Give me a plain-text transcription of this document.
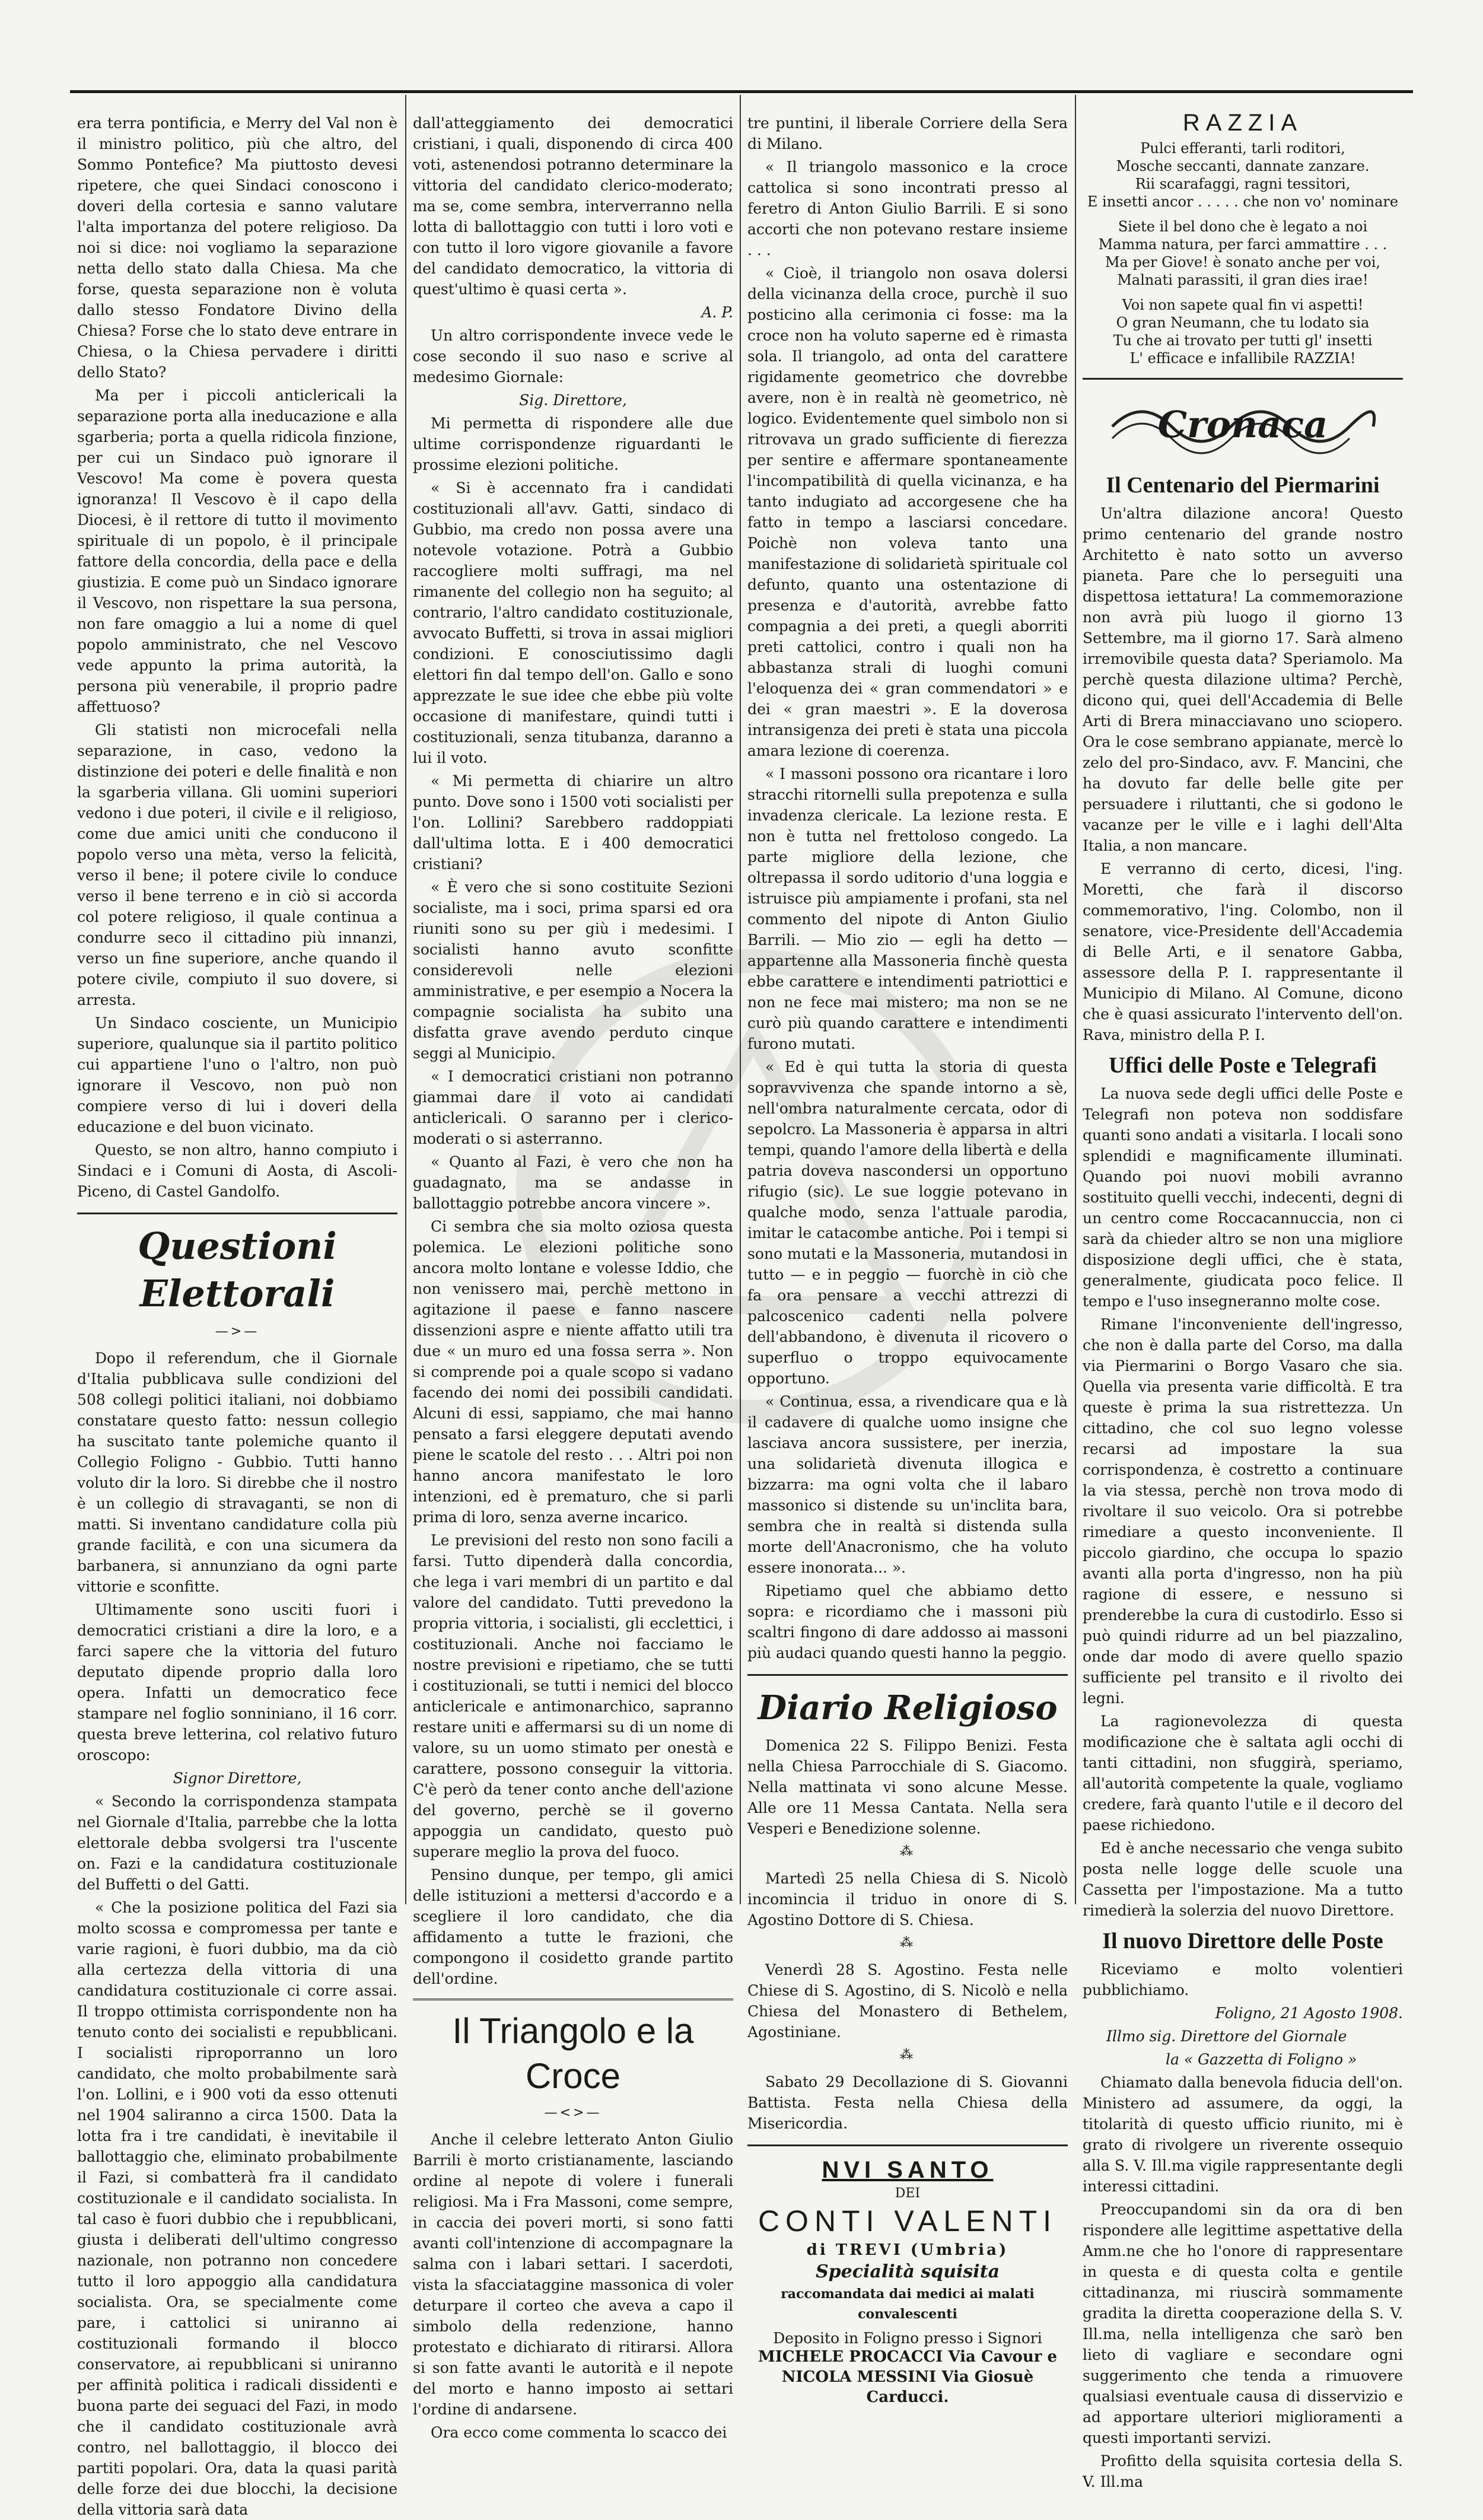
era terra pontificia, e Merry del Val non è il ministro politico, più che altro, del Sommo Pontefice? Ma piuttosto devesi ripetere, che quei Sindaci conoscono i doveri della cortesia e sanno valutare l'alta importanza del potere religioso. Da noi si dice: noi vogliamo la separazione netta dello stato dalla Chiesa. Ma che forse, questa separazione non è voluta dallo stesso Fondatore Divino della Chiesa? Forse che lo stato deve entrare in Chiesa, o la Chiesa pervadere i diritti dello Stato?

Ma per i piccoli anticlericali la separazione porta alla ineducazione e alla sgarberia; porta a quella ridicola finzione, per cui un Sindaco può ignorare il Vescovo! Ma come è povera questa ignoranza! Il Vescovo è il capo della Diocesi, è il rettore di tutto il movimento spirituale di un popolo, è il principale fattore della concordia, della pace e della giustizia. E come può un Sindaco ignorare il Vescovo, non rispettare la sua persona, non fare omaggio a lui a nome di quel popolo amministrato, che nel Vescovo vede appunto la prima autorità, la persona più venerabile, il proprio padre affettuoso?

Gli statisti non microcefali nella separazione, in caso, vedono la distinzione dei poteri e delle finalità e non la sgarberia villana. Gli uomini superiori vedono i due poteri, il civile e il religioso, come due amici uniti che conducono il popolo verso una mèta, verso la felicità, verso il bene; il potere civile lo conduce verso il bene terreno e in ciò si accorda col potere religioso, il quale continua a condurre seco il cittadino più innanzi, verso un fine superiore, anche quando il potere civile, compiuto il suo dovere, si arresta.

Un Sindaco cosciente, un Municipio superiore, qualunque sia il partito politico cui appartiene l'uno o l'altro, non può ignorare il Vescovo, non può non compiere verso di lui i doveri della educazione e del buon vicinato.

Questo, se non altro, hanno compiuto i Sindaci e i Comuni di Aosta, di Ascoli-Piceno, di Castel Gandolfo.

Questioni Elettorali
—>—

Dopo il referendum, che il Giornale d'Italia pubblicava sulle condizioni del 508 collegi politici italiani, noi dobbiamo constatare questo fatto: nessun collegio ha suscitato tante polemiche quanto il Collegio Foligno - Gubbio. Tutti hanno voluto dir la loro. Si direbbe che il nostro è un collegio di stravaganti, se non di matti. Si inventano candidature colla più grande facilità, e con una sicumera da barbanera, si annunziano da ogni parte vittorie e sconfitte.

Ultimamente sono usciti fuori i democratici cristiani a dire la loro, e a farci sapere che la vittoria del futuro deputato dipende proprio dalla loro opera. Infatti un democratico fece stampare nel foglio sonniniano, il 16 corr. questa breve letterina, col relativo futuro oroscopo:

Signor Direttore,

« Secondo la corrispondenza stampata nel Giornale d'Italia, parrebbe che la lotta elettorale debba svolgersi tra l'uscente on. Fazi e la candidatura costituzionale del Buffetti o del Gatti.

« Che la posizione politica del Fazi sia molto scossa e compromessa per tante e varie ragioni, è fuori dubbio, ma da ciò alla certezza della vittoria di una candidatura costituzionale ci corre assai. Il troppo ottimista corrispondente non ha tenuto conto dei socialisti e repubblicani. I socialisti riproporranno un loro candidato, che molto probabilmente sarà l'on. Lollini, e i 900 voti da esso ottenuti nel 1904 saliranno a circa 1500. Data la lotta fra i tre candidati, è inevitabile il ballottaggio che, eliminato probabilmente il Fazi, si combatterà fra il candidato costituzionale e il candidato socialista. In tal caso è fuori dubbio che i repubblicani, giusta i deliberati dell'ultimo congresso nazionale, non potranno non concedere tutto il loro appoggio alla candidatura socialista. Ora, se specialmente come pare, i cattolici si uniranno ai costituzionali formando il blocco conservatore, ai repubblicani si uniranno per affinità politica i radicali dissidenti e buona parte dei seguaci del Fazi, in modo che il candidato costituzionale avrà contro, nel ballottaggio, il blocco dei partiti popolari. Ora, data la quasi parità delle forze dei due blocchi, la decisione della vittoria sarà data

dall'atteggiamento dei democratici cristiani, i quali, disponendo di circa 400 voti, astenendosi potranno determinare la vittoria del candidato clerico-moderato; ma se, come sembra, interverranno nella lotta di ballottaggio con tutti i loro voti e con tutto il loro vigore giovanile a favore del candidato democratico, la vittoria di quest'ultimo è quasi certa ».

A. P.

Un altro corrispondente invece vede le cose secondo il suo naso e scrive al medesimo Giornale:

Sig. Direttore,

Mi permetta di rispondere alle due ultime corrispondenze riguardanti le prossime elezioni politiche.

« Si è accennato fra i candidati costituzionali all'avv. Gatti, sindaco di Gubbio, ma credo non possa avere una notevole votazione. Potrà a Gubbio raccogliere molti suffragi, ma nel rimanente del collegio non ha seguito; al contrario, l'altro candidato costituzionale, avvocato Buffetti, si trova in assai migliori condizioni. E conosciutissimo dagli elettori fin dal tempo dell'on. Gallo e sono apprezzate le sue idee che ebbe più volte occasione di manifestare, quindi tutti i costituzionali, senza titubanza, daranno a lui il voto.

« Mi permetta di chiarire un altro punto. Dove sono i 1500 voti socialisti per l'on. Lollini? Sarebbero raddoppiati dall'ultima lotta. E i 400 democratici cristiani?

« È vero che si sono costituite Sezioni socialiste, ma i soci, prima sparsi ed ora riuniti sono su per giù i medesimi. I socialisti hanno avuto sconfitte considerevoli nelle elezioni amministrative, e per esempio a Nocera la compagnie socialista ha subito una disfatta grave avendo perduto cinque seggi al Municipio.

« I democratici cristiani non potranno giammai dare il voto ai candidati anticlericali. O saranno per i clerico-moderati o si asterranno.

« Quanto al Fazi, è vero che non ha guadagnato, ma se andasse in ballottaggio potrebbe ancora vincere ».

Ci sembra che sia molto oziosa questa polemica. Le elezioni politiche sono ancora molto lontane e volesse Iddio, che non venissero mai, perchè mettono in agitazione il paese e fanno nascere dissenzioni aspre e niente affatto utili tra due « un muro ed una fossa serra ». Non si comprende poi a quale scopo si vadano facendo dei nomi dei possibili candidati. Alcuni di essi, sappiamo, che mai hanno pensato a farsi eleggere deputati avendo piene le scatole del resto . . . Altri poi non hanno ancora manifestato le loro intenzioni, ed è prematuro, che si parli prima di loro, senza averne incarico.

Le previsioni del resto non sono facili a farsi. Tutto dipenderà dalla concordia, che lega i vari membri di un partito e dal valore del candidato. Tutti prevedono la propria vittoria, i socialisti, gli ecclettici, i costituzionali. Anche noi facciamo le nostre previsioni e ripetiamo, che se tutti i costituzionali, se tutti i nemici del blocco anticlericale e antimonarchico, sapranno restare uniti e affermarsi su di un nome di valore, su un uomo stimato per onestà e carattere, possono conseguir la vittoria. C'è però da tener conto anche dell'azione del governo, perchè se il governo appoggia un candidato, questo può superare meglio la prova del fuoco.

Pensino dunque, per tempo, gli amici delle istituzioni a mettersi d'accordo e a scegliere il loro candidato, che dia affidamento a tutte le frazioni, che compongono il cosidetto grande partito dell'ordine.

Il Triangolo e la Croce
—<>—

Anche il celebre letterato Anton Giulio Barrili è morto cristianamente, lasciando ordine al nepote di volere i funerali religiosi. Ma i Fra Massoni, come sempre, in caccia dei poveri morti, si sono fatti avanti coll'intenzione di accompagnare la salma con i labari settari. I sacerdoti, vista la sfacciataggine massonica di voler deturpare il corteo che aveva a capo il simbolo della redenzione, hanno protestato e dichiarato di ritirarsi. Allora si son fatte avanti le autorità e il nepote del morto e hanno imposto ai settari l'ordine di andarsene.

Ora ecco come commenta lo scacco dei

tre puntini, il liberale Corriere della Sera di Milano.

« Il triangolo massonico e la croce cattolica si sono incontrati presso al feretro di Anton Giulio Barrili. E si sono accorti che non potevano restare insieme . . .

« Cioè, il triangolo non osava dolersi della vicinanza della croce, purchè il suo posticino alla cerimonia ci fosse: ma la croce non ha voluto saperne ed è rimasta sola. Il triangolo, ad onta del carattere rigidamente geometrico che dovrebbe avere, non è in realtà nè geometrico, nè logico. Evidentemente quel simbolo non si ritrovava un grado sufficiente di fierezza per sentire e affermare spontaneamente l'incompatibilità di quella vicinanza, e ha tanto indugiato ad accorgesene che ha fatto in tempo a lasciarsi concedare. Poichè non voleva tanto una manifestazione di solidarietà spirituale col defunto, quanto una ostentazione di presenza e d'autorità, avrebbe fatto compagnia a dei preti, a quegli aborriti preti cattolici, contro i quali non ha abbastanza strali di luoghi comuni l'eloquenza dei « gran commendatori » e dei « gran maestri ». E la doverosa intransigenza dei preti è stata una piccola amara lezione di coerenza.

« I massoni possono ora ricantare i loro stracchi ritornelli sulla prepotenza e sulla invadenza clericale. La lezione resta. E non è tutta nel frettoloso congedo. La parte migliore della lezione, che oltrepassa il sordo uditorio d'una loggia e istruisce più ampiamente i profani, sta nel commento del nipote di Anton Giulio Barrili. — Mio zio — egli ha detto — appartenne alla Massoneria finchè questa ebbe carattere e intendimenti patriottici e non ne fece mai mistero; ma non se ne curò più quando carattere e intendimenti furono mutati.

« Ed è qui tutta la storia di questa sopravvivenza che spande intorno a sè, nell'ombra naturalmente cercata, odor di sepolcro. La Massoneria è apparsa in altri tempi, quando l'amore della libertà e della patria doveva nascondersi un opportuno rifugio (sic). Le sue loggie potevano in qualche modo, senza l'attuale parodia, imitar le catacombe antiche. Poi i tempi si sono mutati e la Massoneria, mutandosi in tutto — e in peggio — fuorchè in ciò che fa ora pensare a vecchi attrezzi di palcoscenico cadenti nella polvere dell'abbandono, è divenuta il ricovero o superfluo o troppo equivocamente opportuno.

« Continua, essa, a rivendicare qua e là il cadavere di qualche uomo insigne che lasciava ancora sussistere, per inerzia, una solidarietà divenuta illogica e bizzarra: ma ogni volta che il labaro massonico si distende su un'inclita bara, sembra che in realtà si distenda sulla morte dell'Anacronismo, che ha voluto essere inonorata... ».

Ripetiamo quel che abbiamo detto sopra: e ricordiamo che i massoni più scaltri fingono di dare addosso ai massoni più audaci quando questi hanno la peggio.

Diario Religioso

Domenica 22 S. Filippo Benizi. Festa nella Chiesa Parrocchiale di S. Giacomo. Nella mattinata vi sono alcune Messe. Alle ore 11 Messa Cantata. Nella sera Vesperi e Benedizione solenne.

⁂

Martedì 25 nella Chiesa di S. Nicolò incomincia il triduo in onore di S. Agostino Dottore di S. Chiesa.

⁂

Venerdì 28 S. Agostino. Festa nelle Chiese di S. Agostino, di S. Nicolò e nella Chiesa del Monastero di Bethelem, Agostiniane.

⁂

Sabato 29 Decollazione di S. Giovanni Battista. Festa nella Chiesa della Misericordia.

NVI SANTO
DEI
CONTI VALENTI
di TREVI (Umbria)
Specialità squisita
raccomandata dai medici ai malati convalescenti
Deposito in Foligno presso i Signori
MICHELE PROCACCI Via Cavour e
NICOLA MESSINI Via Giosuè Carducci.
RAZZIA
Pulci efferanti, tarli roditori,
Mosche seccanti, dannate zanzare.
Rii scarafaggi, ragni tessitori,
E insetti ancor . . . . . che non vo' nominare
Siete il bel dono che è legato a noi
Mamma natura, per farci ammattire . . .
Ma per Giove! è sonato anche per voi,
Malnati parassiti, il gran dies irae!
Voi non sapete qual fin vi aspetti!
O gran Neumann, che tu lodato sia
Tu che ai trovato per tutti gl' insetti
L' efficace e infallibile RAZZIA!
Cronaca
Il Centenario del Piermarini

Un'altra dilazione ancora! Questo primo centenario del grande nostro Architetto è nato sotto un avverso pianeta. Pare che lo perseguiti una dispettosa iettatura! La commemorazione non avrà più luogo il giorno 13 Settembre, ma il giorno 17. Sarà almeno irremovibile questa data? Speriamolo. Ma perchè questa dilazione ultima? Perchè, dicono qui, quei dell'Accademia di Belle Arti di Brera minacciavano uno sciopero. Ora le cose sembrano appianate, mercè lo zelo del pro-Sindaco, avv. F. Mancini, che ha dovuto far delle belle gite per persuadere i riluttanti, che si godono le vacanze per le ville e i laghi dell'Alta Italia, a non mancare.

E verranno di certo, dicesi, l'ing. Moretti, che farà il discorso commemorativo, l'ing. Colombo, non il senatore, vice-Presidente dell'Accademia di Belle Arti, e il senatore Gabba, assessore della P. I. rappresentante il Municipio di Milano. Al Comune, dicono che è quasi assicurato l'intervento dell'on. Rava, ministro della P. I.

Uffici delle Poste e Telegrafi

La nuova sede degli uffici delle Poste e Telegrafi non poteva non soddisfare quanti sono andati a visitarla. I locali sono splendidi e magnificamente illuminati. Quando poi nuovi mobili avranno sostituito quelli vecchi, indecenti, degni di un centro come Roccacannuccia, non ci sarà da chieder altro se non una migliore disposizione degli uffici, che è stata, generalmente, giudicata poco felice. Il tempo e l'uso insegneranno molte cose.

Rimane l'inconveniente dell'ingresso, che non è dalla parte del Corso, ma dalla via Piermarini o Borgo Vasaro che sia. Quella via presenta varie difficoltà. E tra queste è prima la sua ristrettezza. Un cittadino, che col suo legno volesse recarsi ad impostare la sua corrispondenza, è costretto a continuare la via stessa, perchè non trova modo di rivoltare il suo veicolo. Ora si potrebbe rimediare a questo inconveniente. Il piccolo giardino, che occupa lo spazio avanti alla porta d'ingresso, non ha più ragione di essere, e nessuno si prenderebbe la cura di custodirlo. Esso si può quindi ridurre ad un bel piazzalino, onde dar modo di avere quello spazio sufficiente pel transito e il rivolto dei legni.

La ragionevolezza di questa modificazione che è saltata agli occhi di tanti cittadini, non sfuggirà, speriamo, all'autorità competente la quale, vogliamo credere, farà quanto l'utile e il decoro del paese richiedono.

Ed è anche necessario che venga subito posta nelle logge delle scuole una Cassetta per l'impostazione. Ma a tutto rimedierà la solerzia del nuovo Direttore.

Il nuovo Direttore delle Poste

Riceviamo e molto volentieri pubblichiamo.

Foligno, 21 Agosto 1908.

Illmo sig. Direttore del Giornale

la « Gazzetta di Foligno »

Chiamato dalla benevola fiducia dell'on. Ministero ad assumere, da oggi, la titolarità di questo ufficio riunito, mi è grato di rivolgere un riverente ossequio alla S. V. Ill.ma vigile rappresentante degli interessi cittadini.

Preoccupandomi sin da ora di ben rispondere alle legittime aspettative della Amm.ne che ho l'onore di rappresentare in questa e di questa colta e gentile cittadinanza, mi riuscirà sommamente gradita la diretta cooperazione della S. V. Ill.ma, nella intelligenza che sarò ben lieto di vagliare e secondare ogni suggerimento che tenda a rimuovere qualsiasi eventuale causa di disservizio e ad apportare ulteriori miglioramenti a questi importanti servizi.

Profitto della squisita cortesia della S. V. Ill.ma
